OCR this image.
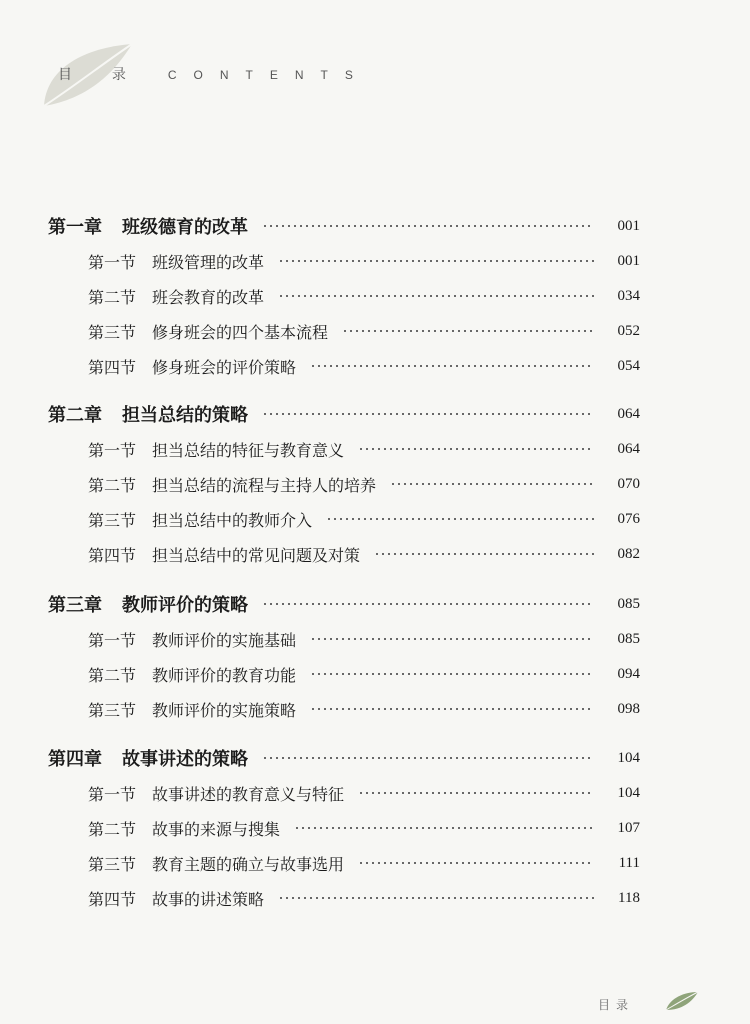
目 录 CONTENTS
第一章 班级德育的改革	001
第一节 班级管理的改革	001
第二节 班会教育的改革	034
第三节 修身班会的四个基本流程	052
第四节 修身班会的评价策略	054
第二章 担当总结的策略	064
第一节 担当总结的特征与教育意义	064
第二节 担当总结的流程与主持人的培养	070
第三节 担当总结中的教师介入	076
第四节 担当总结中的常见问题及对策	082
第三章 教师评价的策略	085
第一节 教师评价的实施基础	085
第二节 教师评价的教育功能	094
第三节 教师评价的实施策略	098
第四章 故事讲述的策略	104
第一节 故事讲述的教育意义与特征	104
第二节 故事的来源与搜集	107
第三节 教育主题的确立与故事选用	111
第四节 故事的讲述策略	118
目录
